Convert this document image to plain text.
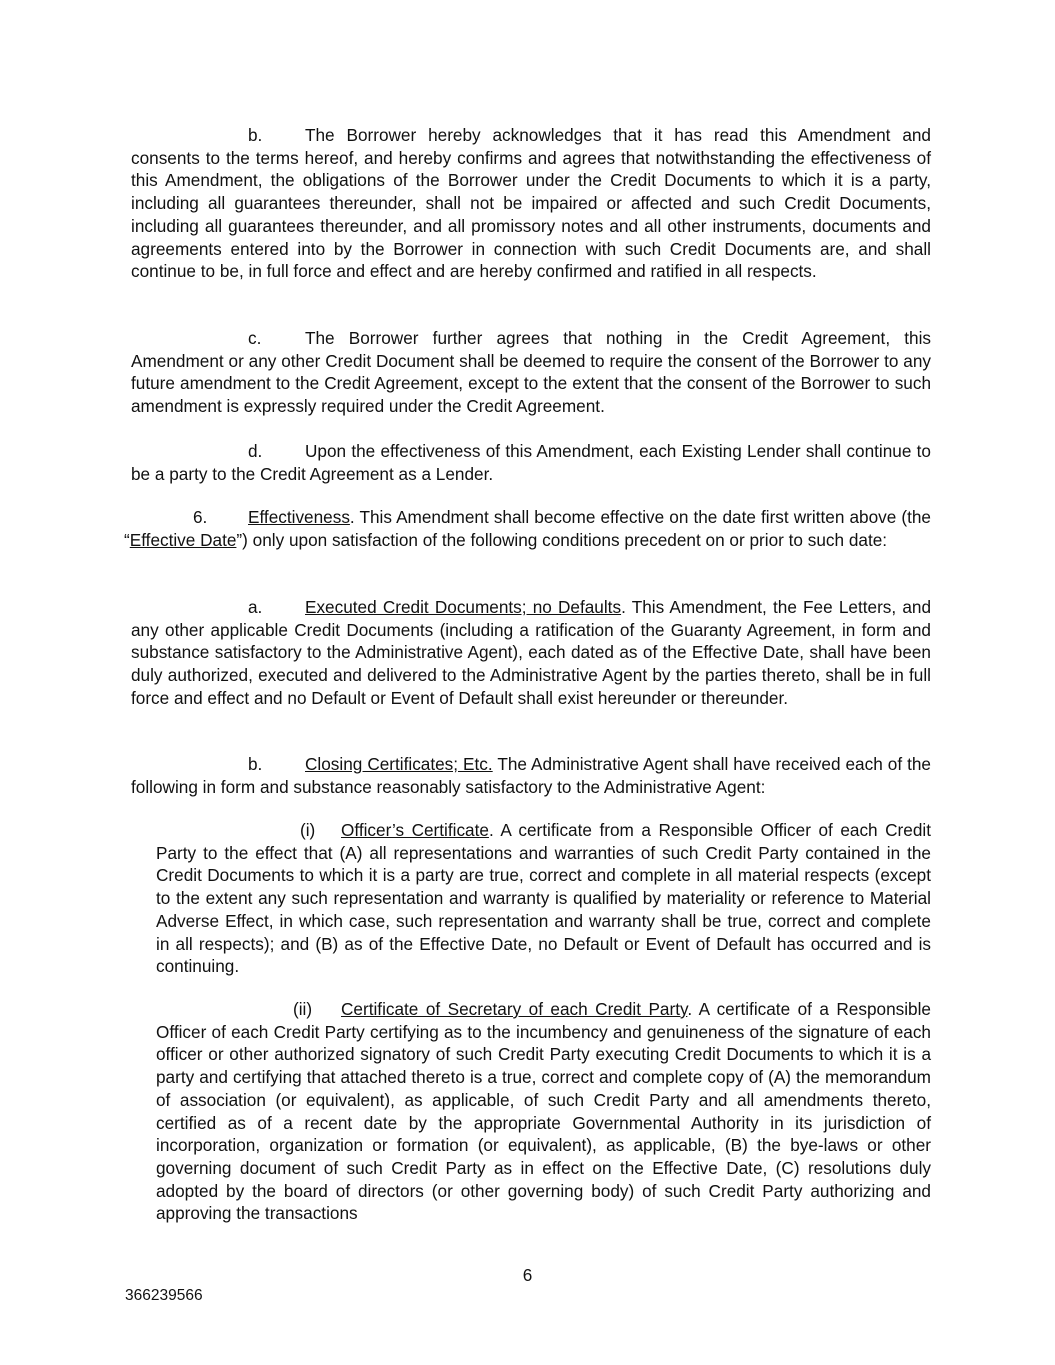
b. The Borrower hereby acknowledges that it has read this Amendment and consents to the terms hereof, and hereby confirms and agrees that notwithstanding the effectiveness of this Amendment, the obligations of the Borrower under the Credit Documents to which it is a party, including all guarantees thereunder, shall not be impaired or affected and such Credit Documents, including all guarantees thereunder, and all promissory notes and all other instruments, documents and agreements entered into by the Borrower in connection with such Credit Documents are, and shall continue to be, in full force and effect and are hereby confirmed and ratified in all respects.

c.	The Borrower further agrees that nothing in the Credit Agreement, this Amendment or any other Credit Document shall be deemed to require the consent of the Borrower to any future amendment to the Credit Agreement, except to the extent that the consent of the Borrower to such amendment is expressly required under the Credit Agreement.

d. Upon the effectiveness of this Amendment, each Existing Lender shall continue to be a party to the Credit Agreement as a Lender.

6. Effectiveness. This Amendment shall become effective on the date first written above (the “Effective Date”) only upon satisfaction of the following conditions precedent on or prior to such date:

a. Executed Credit Documents; no Defaults. This Amendment, the Fee Letters, and any other applicable Credit Documents (including a ratification of the Guaranty Agreement, in form and substance satisfactory to the Administrative Agent), each dated as of the Effective Date, shall have been duly authorized, executed and delivered to the Administrative Agent by the parties thereto, shall be in full force and effect and no Default or Event of Default shall exist hereunder or thereunder.

b. Closing Certificates; Etc. The Administrative Agent shall have received each of the following in form and substance reasonably satisfactory to the Administrative Agent:

(i) Officer’s Certificate. A certificate from a Responsible Officer of each Credit Party to the effect that (A) all representations and warranties of such Credit Party contained in the Credit Documents to which it is a party are true, correct and complete in all material respects (except to the extent any such representation and warranty is qualified by materiality or reference to Material Adverse Effect, in which case, such representation and warranty shall be true, correct and complete in all respects); and (B) as of the Effective Date, no Default or Event of Default has occurred and is continuing.

(ii) Certificate of Secretary of each Credit Party. A certificate of a Responsible Officer of each Credit Party certifying as to the incumbency and genuineness of the signature of each officer or other authorized signatory of such Credit Party executing Credit Documents to which it is a party and certifying that attached thereto is a true, correct and complete copy of (A) the memorandum of association (or equivalent), as applicable, of such Credit Party and all amendments thereto, certified as of a recent date by the appropriate Governmental Authority in its jurisdiction of incorporation, organization or formation (or equivalent), as applicable, (B) the bye-laws or other governing document of such Credit Party as in effect on the Effective Date, (C) resolutions duly adopted by the board of directors (or other governing body) of such Credit Party authorizing and approving the transactions

6
366239566
